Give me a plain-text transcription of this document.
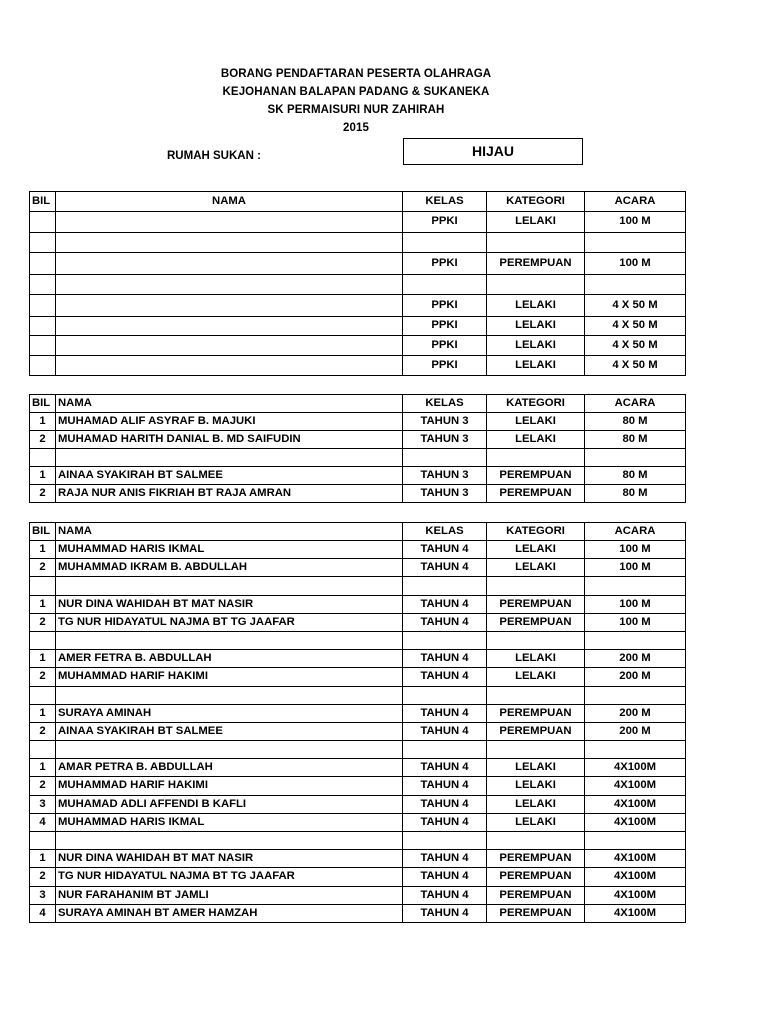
BORANG PENDAFTARAN PESERTA OLAHRAGA
KEJOHANAN BALAPAN PADANG & SUKANEKA
SK PERMAISURI NUR ZAHIRAH
2015
RUMAH SUKAN :	HIJAU
BIL	NAMA	KELAS	KATEGORI	ACARA
		PPKI	LELAKI	100 M

		PPKI	PEREMPUAN	100 M

		PPKI	LELAKI	4 X 50 M
		PPKI	LELAKI	4 X 50 M
		PPKI	LELAKI	4 X 50 M
		PPKI	LELAKI	4 X 50 M
BIL	NAMA	KELAS	KATEGORI	ACARA
1	MUHAMAD ALIF ASYRAF B. MAJUKI	TAHUN 3	LELAKI	80 M
2	MUHAMAD HARITH DANIAL B. MD SAIFUDIN	TAHUN 3	LELAKI	80 M

1	AINAA SYAKIRAH BT SALMEE	TAHUN 3	PEREMPUAN	80 M
2	RAJA NUR ANIS FIKRIAH BT RAJA AMRAN	TAHUN 3	PEREMPUAN	80 M
BIL	NAMA	KELAS	KATEGORI	ACARA
1	MUHAMMAD HARIS IKMAL	TAHUN 4	LELAKI	100 M
2	MUHAMMAD IKRAM B. ABDULLAH	TAHUN 4	LELAKI	100 M

1	NUR DINA WAHIDAH BT MAT NASIR	TAHUN 4	PEREMPUAN	100 M
2	TG NUR HIDAYATUL NAJMA BT TG JAAFAR	TAHUN 4	PEREMPUAN	100 M

1	AMER FETRA B. ABDULLAH	TAHUN 4	LELAKI	200 M
2	MUHAMMAD HARIF HAKIMI	TAHUN 4	LELAKI	200 M

1	SURAYA AMINAH	TAHUN 4	PEREMPUAN	200 M
2	AINAA SYAKIRAH BT SALMEE	TAHUN 4	PEREMPUAN	200 M

1	AMAR PETRA B. ABDULLAH	TAHUN 4	LELAKI	4X100M
2	MUHAMMAD HARIF HAKIMI	TAHUN 4	LELAKI	4X100M
3	MUHAMAD ADLI AFFENDI B KAFLI	TAHUN 4	LELAKI	4X100M
4	MUHAMMAD HARIS IKMAL	TAHUN 4	LELAKI	4X100M

1	NUR DINA WAHIDAH BT MAT NASIR	TAHUN 4	PEREMPUAN	4X100M
2	TG NUR HIDAYATUL NAJMA BT TG JAAFAR	TAHUN 4	PEREMPUAN	4X100M
3	NUR FARAHANIM BT JAMLI	TAHUN 4	PEREMPUAN	4X100M
4	SURAYA AMINAH BT AMER HAMZAH	TAHUN 4	PEREMPUAN	4X100M
